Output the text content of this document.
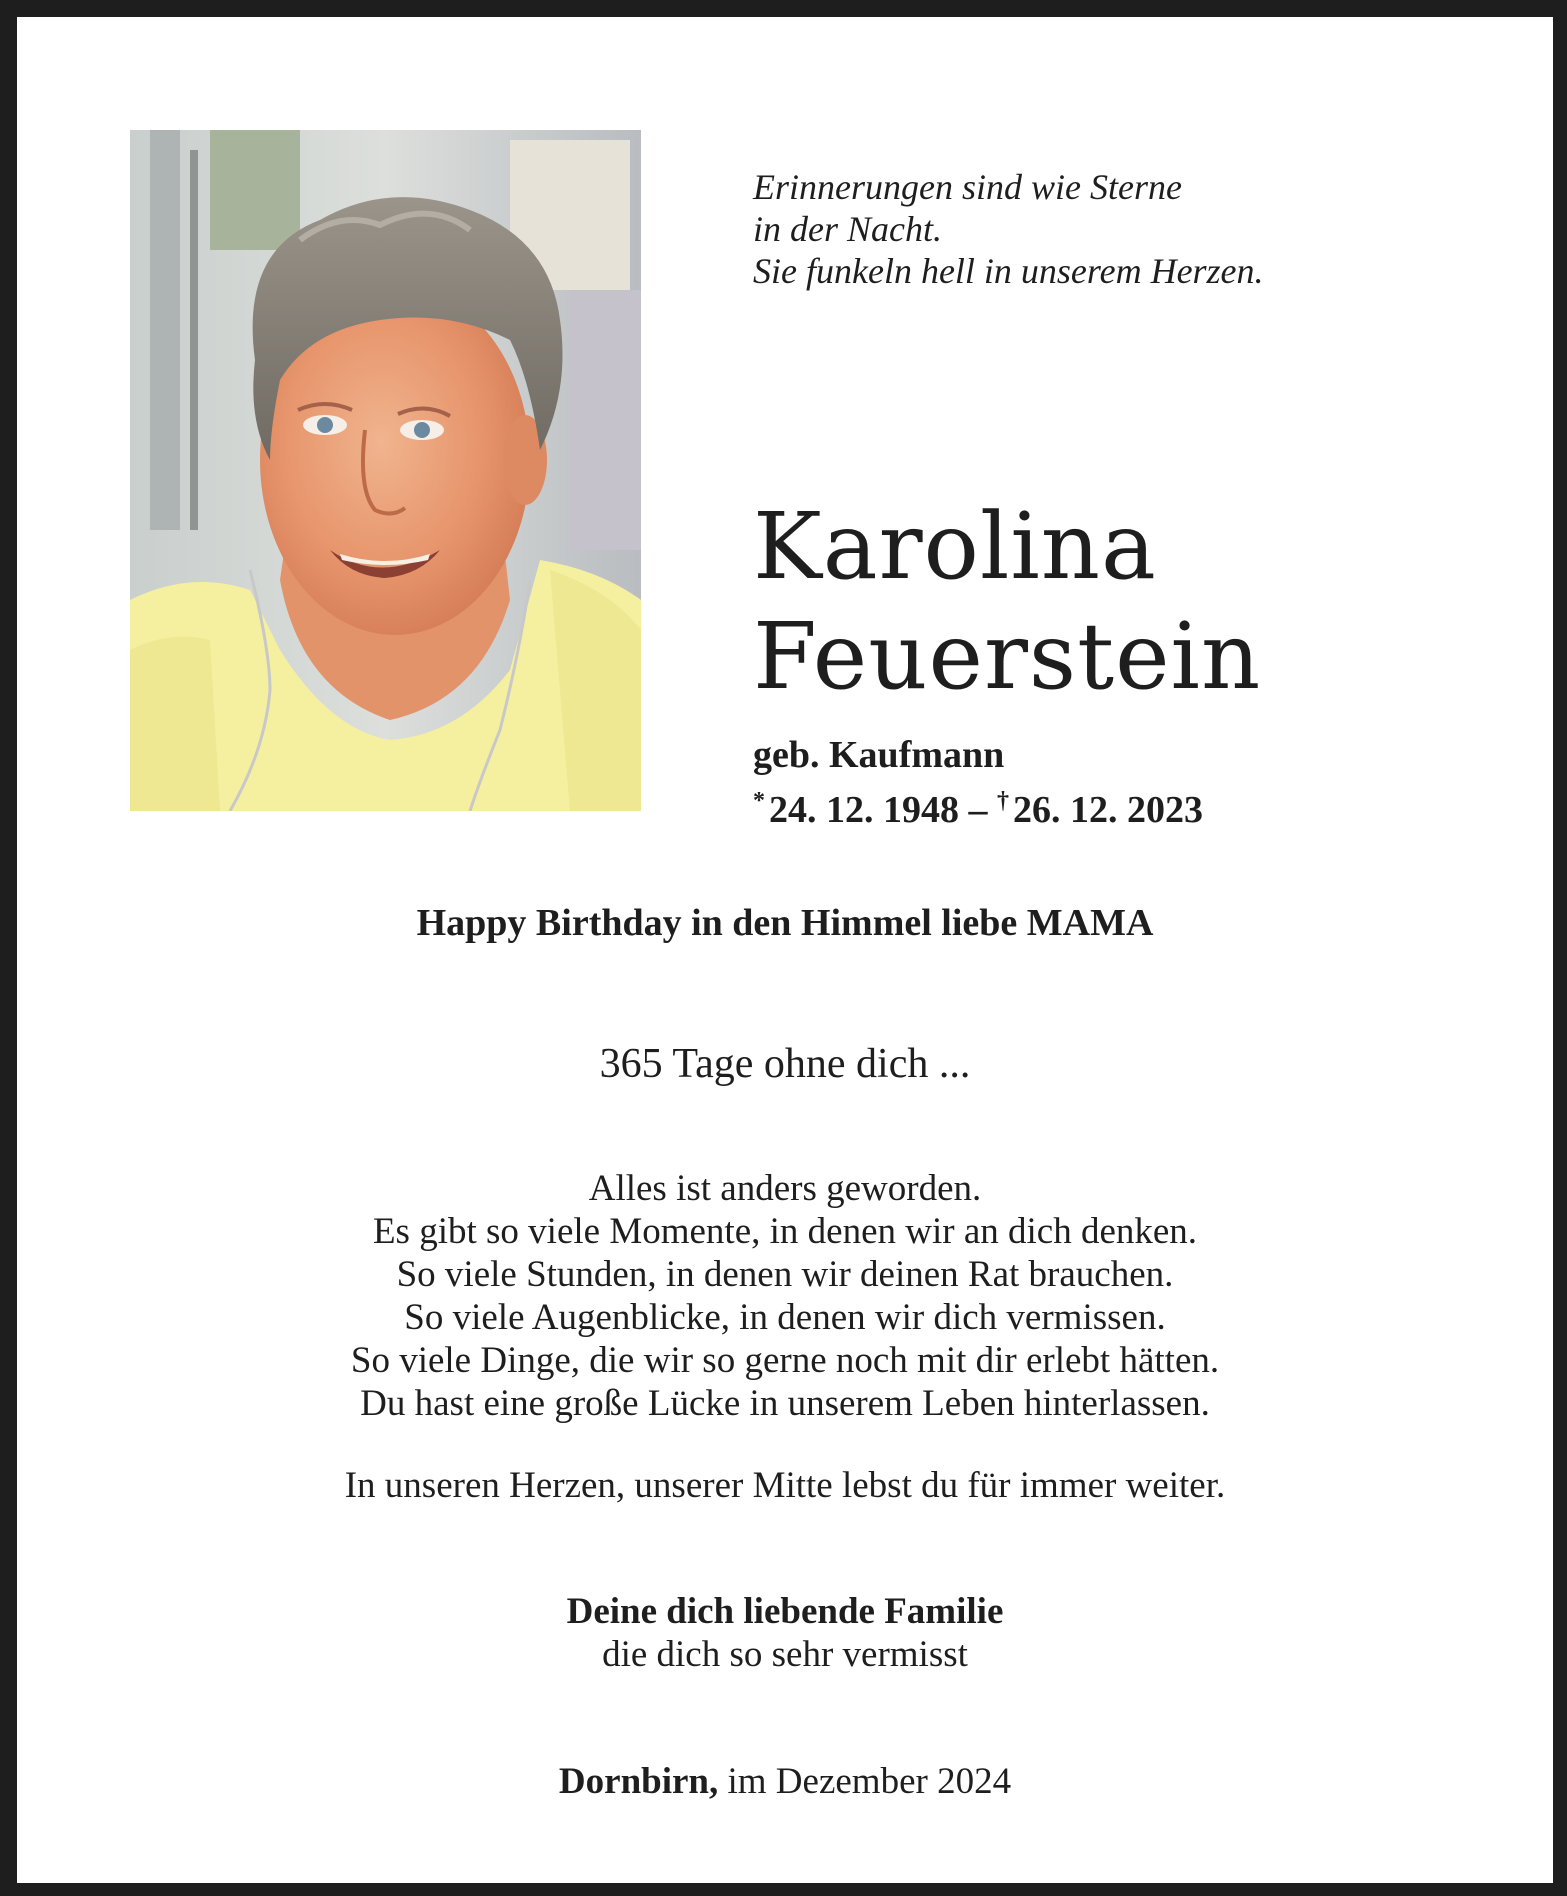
Erinnerungen sind wie Sterne
in der Nacht.
Sie funkeln hell in unserem Herzen.
Karolina
Feuerstein
geb. Kaufmann
* 24. 12. 1948 – † 26. 12. 2023
Happy Birthday in den Himmel liebe MAMA
365 Tage ohne dich ...
Alles ist anders geworden.
Es gibt so viele Momente, in denen wir an dich denken.
So viele Stunden, in denen wir deinen Rat brauchen.
So viele Augenblicke, in denen wir dich vermissen.
So viele Dinge, die wir so gerne noch mit dir erlebt hätten.
Du hast eine große Lücke in unserem Leben hinterlassen.
In unseren Herzen, unserer Mitte lebst du für immer weiter.
Deine dich liebende Familie
die dich so sehr vermisst
Dornbirn, im Dezember 2024
